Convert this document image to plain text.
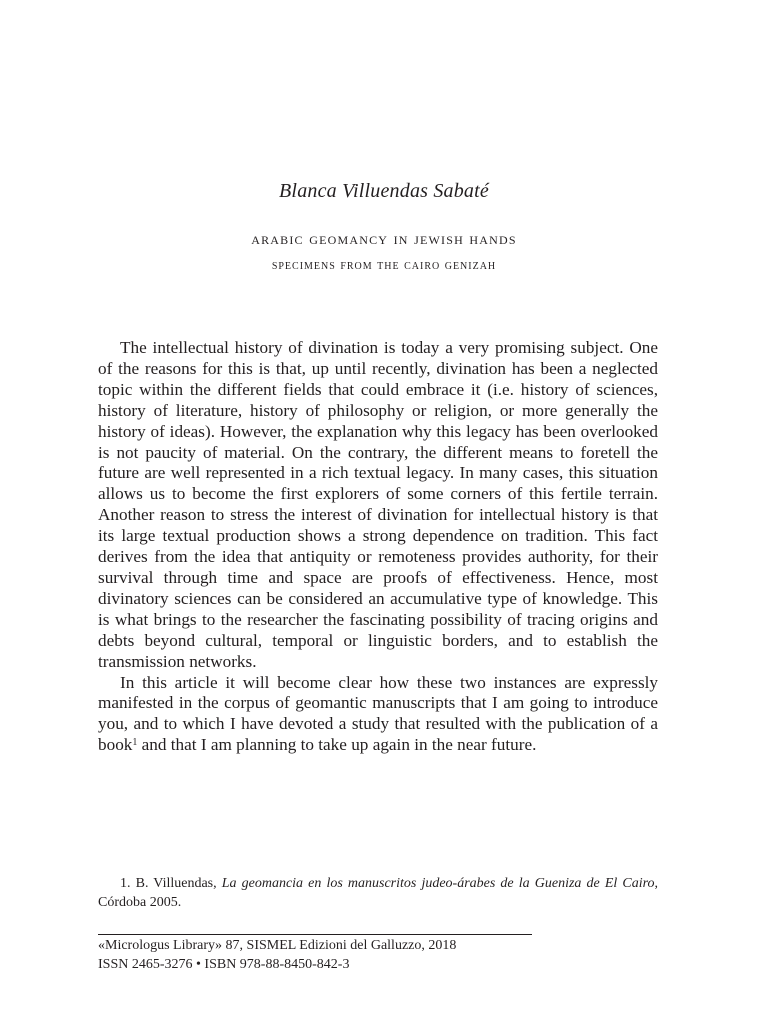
Blanca Villuendas Sabaté
arabic geomancy in jewish hands
specimens from the cairo genizah

The intellectual history of divination is today a very promising subject. One of the reasons for this is that, up until recently, divination has been a neglected topic within the different fields that could embrace it (i.e. history of sciences, history of literature, history of philosophy or religion, or more generally the history of ideas). However, the explanation why this legacy has been overlooked is not paucity of material. On the contrary, the different means to foretell the future are well represented in a rich textual legacy. In many cases, this situation allows us to become the first explorers of some corners of this fertile terrain. Another reason to stress the interest of divination for intellectual history is that its large textual production shows a strong dependence on tradition. This fact derives from the idea that antiquity or remoteness provides authority, for their survival through time and space are proofs of effectiveness. Hence, most divinatory sciences can be considered an accumulative type of knowledge. This is what brings to the researcher the fascinating possibility of tracing origins and debts beyond cultural, temporal or linguistic borders, and to establish the transmission networks.

In this article it will become clear how these two instances are expressly manifested in the corpus of geomantic manuscripts that I am going to introduce you, and to which I have devoted a study that resulted with the publication of a book$^1$ and that I am planning to take up again in the near future.

1. B. Villuendas, La geomancia en los manuscritos judeo-árabes de la Gueniza de El Cairo, Córdoba 2005.
«Micrologus Library» 87, SISMEL Edizioni del Galluzzo, 2018
ISSN 2465-3276 • ISBN 978-88-8450-842-3
